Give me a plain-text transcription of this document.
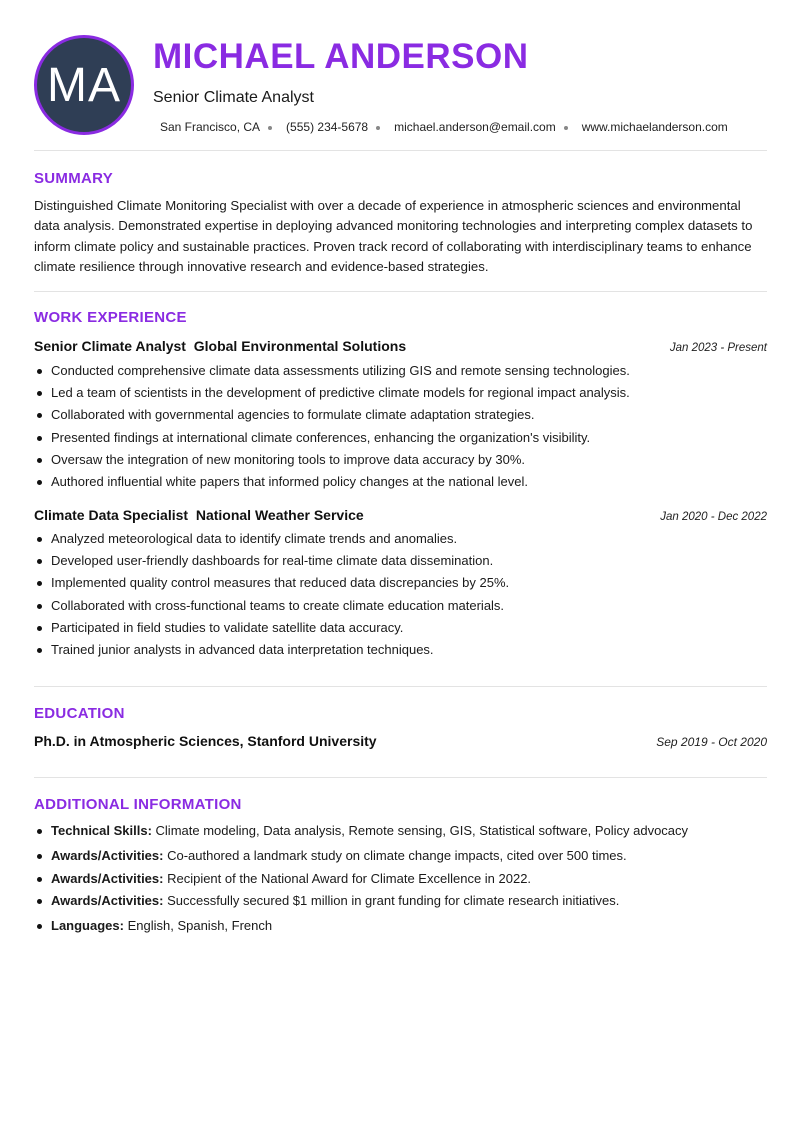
MA
MICHAEL ANDERSON
Senior Climate Analyst
San Francisco, CA (555) 234-5678 michael.anderson@email.com www.michaelanderson.com
SUMMARY

Distinguished Climate Monitoring Specialist with over a decade of experience in atmospheric sciences and environmental data analysis. Demonstrated expertise in deploying advanced monitoring technologies and interpreting complex datasets to inform climate policy and sustainable practices. Proven track record of collaborating with interdisciplinary teams to enhance climate resilience through innovative research and evidence-based strategies.

WORK EXPERIENCE
Senior Climate Analyst  Global Environmental Solutions	Jan 2023 - Present
Conducted comprehensive climate data assessments utilizing GIS and remote sensing technologies.
Led a team of scientists in the development of predictive climate models for regional impact analysis.
Collaborated with governmental agencies to formulate climate adaptation strategies.
Presented findings at international climate conferences, enhancing the organization's visibility.
Oversaw the integration of new monitoring tools to improve data accuracy by 30%.
Authored influential white papers that informed policy changes at the national level.
Climate Data Specialist  National Weather Service	Jan 2020 - Dec 2022
Analyzed meteorological data to identify climate trends and anomalies.
Developed user-friendly dashboards for real-time climate data dissemination.
Implemented quality control measures that reduced data discrepancies by 25%.
Collaborated with cross-functional teams to create climate education materials.
Participated in field studies to validate satellite data accuracy.
Trained junior analysts in advanced data interpretation techniques.
EDUCATION
Ph.D. in Atmospheric Sciences, Stanford University	Sep 2019 - Oct 2020
ADDITIONAL INFORMATION
Technical Skills: Climate modeling, Data analysis, Remote sensing, GIS, Statistical software, Policy advocacy
Awards/Activities: Co-authored a landmark study on climate change impacts, cited over 500 times.
Awards/Activities: Recipient of the National Award for Climate Excellence in 2022.
Awards/Activities: Successfully secured $1 million in grant funding for climate research initiatives.
Languages: English, Spanish, French
